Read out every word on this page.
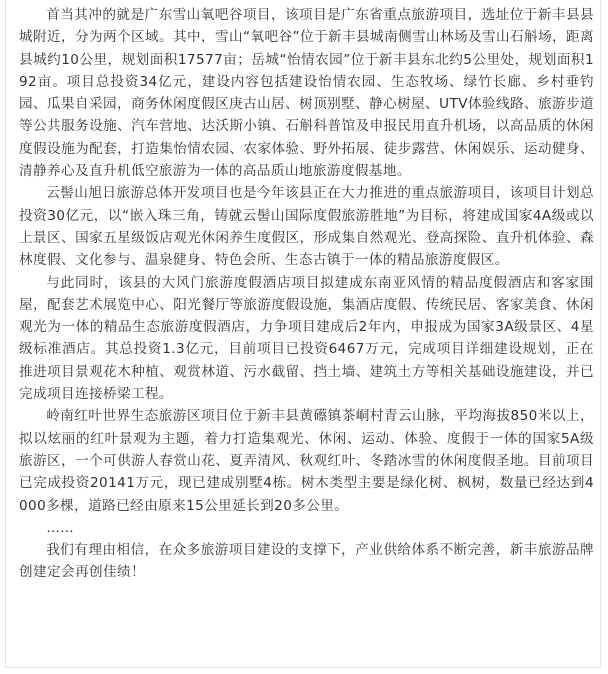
首当其冲的就是广东雪山氧吧谷项目，该项目是广东省重点旅游项目，选址位于新丰县县城附近，分为两个区域。其中，雪山“氧吧谷”位于新丰县城南侧雪山林场及雪山石斛场，距离县城约10公里，规划面积17577亩；岳城“怡情农园”位于新丰县东北约5公里处，规划面积192亩。项目总投资34亿元，建设内容包括建设怡情农园、生态牧场、绿竹长廊、乡村垂钓园、瓜果自采园，商务休闲度假区庚古山居、树顶别墅、静心树屋、UTV体验线路、旅游步道等公共服务设施、汽车营地、达沃斯小镇、石斛科普馆及申报民用直升机场，以高品质的休闲度假设施为配套，打造集怡情农园、农家体验、野外拓展、徒步露营、休闲娱乐、运动健身、清静养心及直升机低空旅游为一体的高品质山地旅游度假基地。

云髻山旭日旅游总体开发项目也是今年该县正在大力推进的重点旅游项目，该项目计划总投资30亿元，以“嵌入珠三角，铸就云髻山国际度假旅游胜地”为目标，将建成国家4A级或以上景区、国家五星级饭店观光休闲养生度假区，形成集自然观光、登高探险、直升机体验、森林度假、文化参与、温泉健身、特色会所、生态古镇于一体的精品旅游度假区。

与此同时，该县的大风门旅游度假酒店项目拟建成东南亚风情的精品度假酒店和客家围屋，配套艺术展览中心、阳光餐厅等旅游度假设施，集酒店度假、传统民居、客家美食、休闲观光为一体的精品生态旅游度假酒店，力争项目建成后2年内，申报成为国家3A级景区、4星级标准酒店。其总投资1.3亿元，目前项目已投资6467万元，完成项目详细建设规划，正在推进项目景观花木种植、观赏林道、污水截留、挡土墙、建筑土方等相关基础设施建设，并已完成项目连接桥梁工程。

岭南红叶世界生态旅游区项目位于新丰县黄礤镇茶峒村青云山脉，平均海拔850米以上，拟以炫丽的红叶景观为主题，着力打造集观光、休闲、运动、体验、度假于一体的国家5A级旅游区，一个可供游人春赏山花、夏弄清风、秋观红叶、冬踏冰雪的休闲度假圣地。目前项目已完成投资20141万元，现已建成别墅4栋。树木类型主要是绿化树、枫树，数量已经达到4000多棵，道路已经由原来15公里延长到20多公里。

……

我们有理由相信，在众多旅游项目建设的支撑下，产业供给体系不断完善，新丰旅游品牌创建定会再创佳绩！
